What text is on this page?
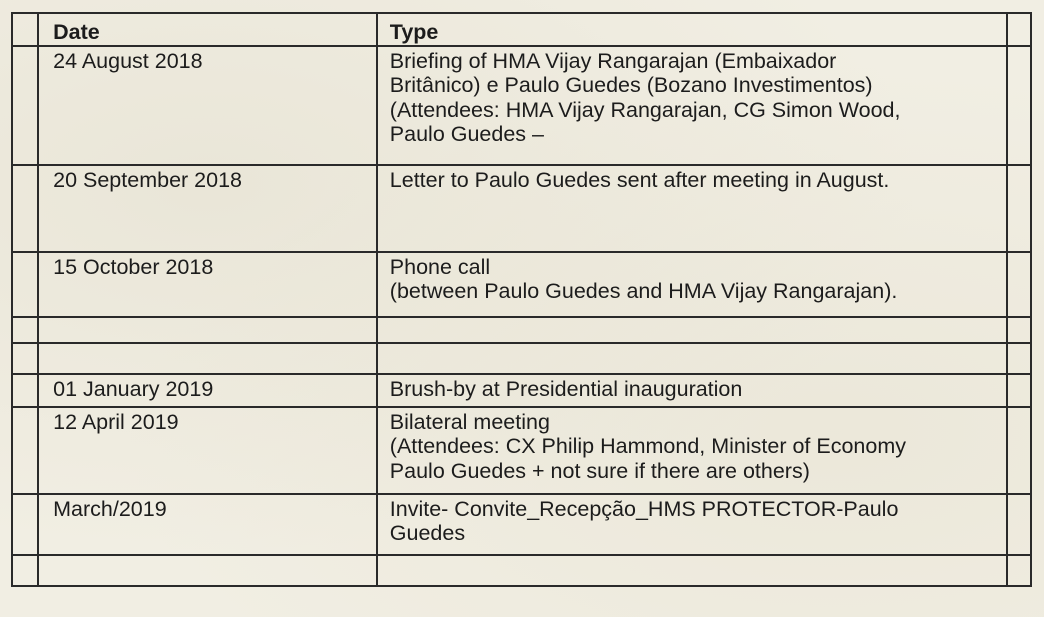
	Date	Type	
	24 August 2018	Briefing of HMA Vijay Rangarajan (Embaixador
Britânico) e Paulo Guedes (Bozano Investimentos)
(Attendees: HMA Vijay Rangarajan, CG Simon Wood,
Paulo Guedes –	

	20 September 2018	Letter to Paulo Guedes sent after meeting in August.	

	15 October 2018	Phone call
(between Paulo Guedes and HMA Vijay Rangarajan).	

	01 January 2019	Brush-by at Presidential inauguration	

	12 April 2019	Bilateral meeting
(Attendees: CX Philip Hammond, Minister of Economy
Paulo Guedes + not sure if there are others)	

	March/2019	Invite- Convite_Recepção_HMS PROTECTOR-Paulo
Guedes	
